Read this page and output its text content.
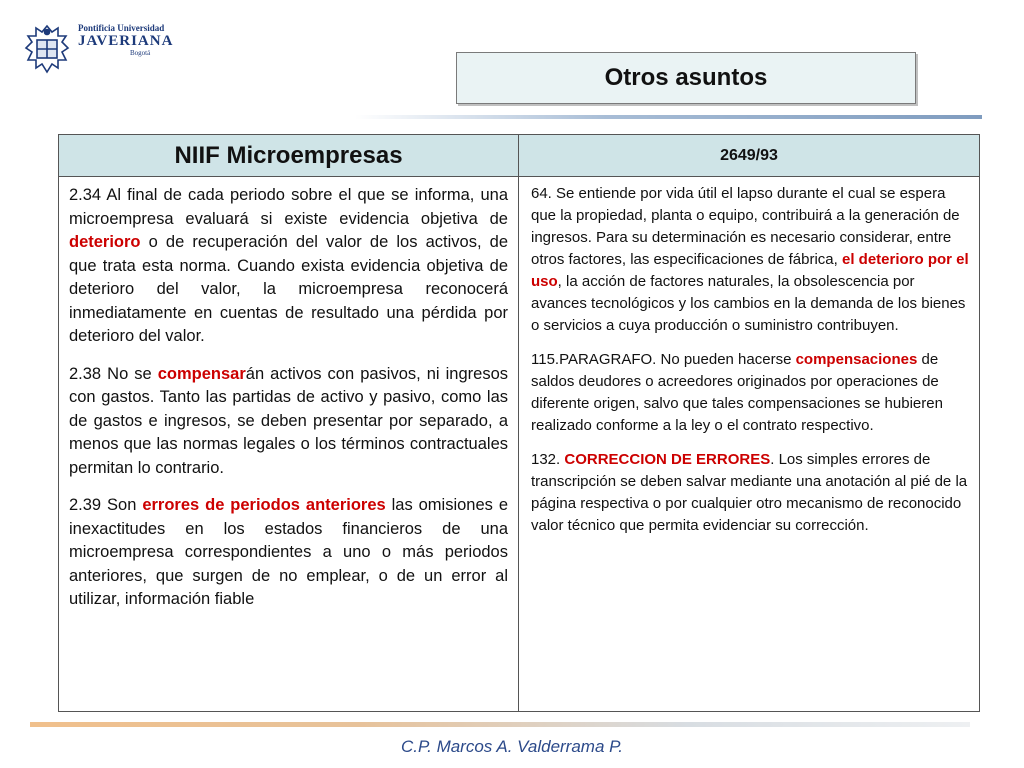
Pontificia Universidad
JAVERIANA
Bogotá
Otros asuntos
NIIF Microempresas	2649/93

2.34 Al final de cada periodo sobre el que se informa, una microempresa evaluará si existe evidencia objetiva de deterioro o de recuperación del valor de los activos, de que trata esta norma. Cuando exista evidencia objetiva de deterioro del valor, la microempresa reconocerá inmediatamente en cuentas de resultado una pérdida por deterioro del valor.

2.38 No se compensarán activos con pasivos, ni ingresos con gastos. Tanto las partidas de activo y pasivo, como las de gastos e ingresos, se deben presentar por separado, a menos que las normas legales o los términos contractuales permitan lo contrario.

2.39 Son errores de periodos anteriores las omisiones e inexactitudes en los estados financieros de una microempresa correspondientes a uno o más periodos anteriores, que surgen de no emplear, o de un error al utilizar, información fiable

64. Se entiende por vida útil el lapso durante el cual se espera que la propiedad, planta o equipo, contribuirá a la generación de ingresos. Para su determinación es necesario considerar, entre otros factores, las especificaciones de fábrica, el deterioro por el uso, la acción de factores naturales, la obsolescencia por avances tecnológicos y los cambios en la demanda de los bienes o servicios a cuya producción o suministro contribuyen.

115.PARAGRAFO. No pueden hacerse compensaciones de saldos deudores o acreedores originados por operaciones de diferente origen, salvo que tales compensaciones se hubieren realizado conforme a la ley o el contrato respectivo.

132. CORRECCION DE ERRORES. Los simples errores de transcripción se deben salvar mediante una anotación al pié de la página respectiva o por cualquier otro mecanismo de reconocido valor técnico que permita evidenciar su corrección.

C.P. Marcos A. Valderrama P.
